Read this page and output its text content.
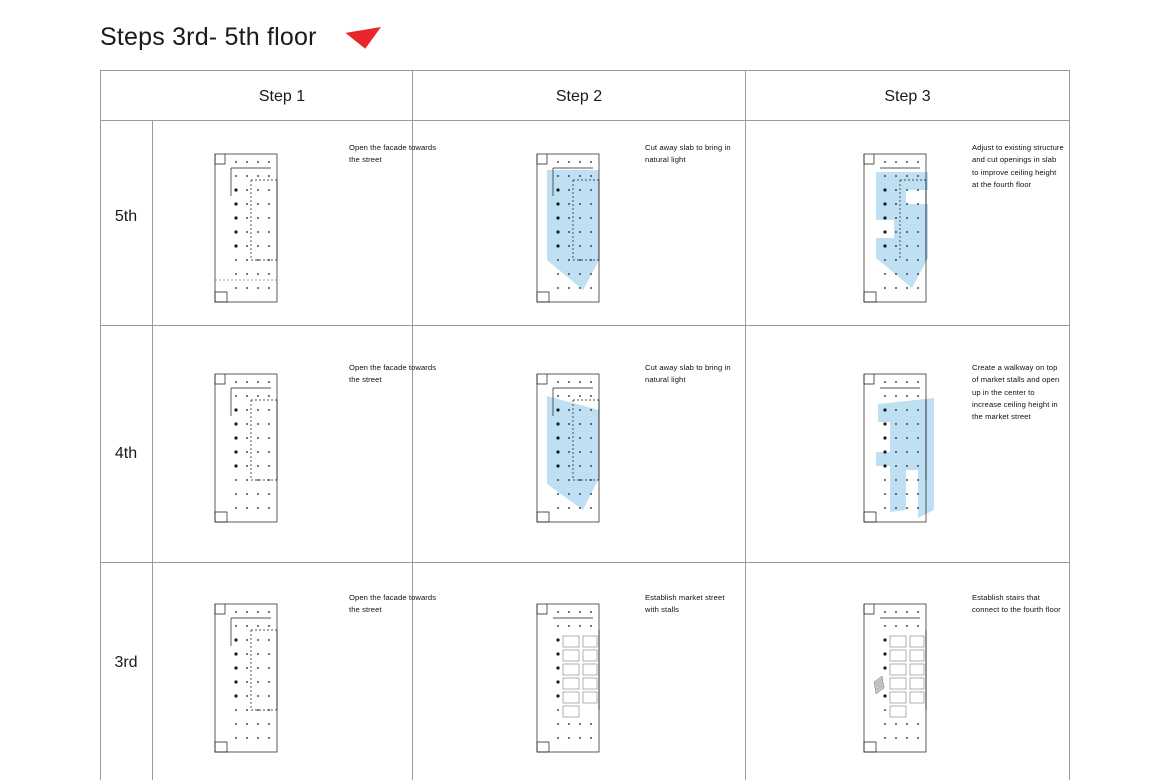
Steps 3rd- 5th floor
Step 1	Step 2	Step 3
5th
4th
3rd
Open the facade towards the street
Cut away slab to bring in natural light
Adjust to existing structure and cut openings in slab to improve ceiling height at the fourth floor
Open the facade towards the street
Cut away slab to bring in natural light
Create a walkway on top of market stalls and open up in the center to increase ceiling height in the market street
Open the facade towards the street
Establish market street with stalls
Establish stairs that connect to the fourth floor
